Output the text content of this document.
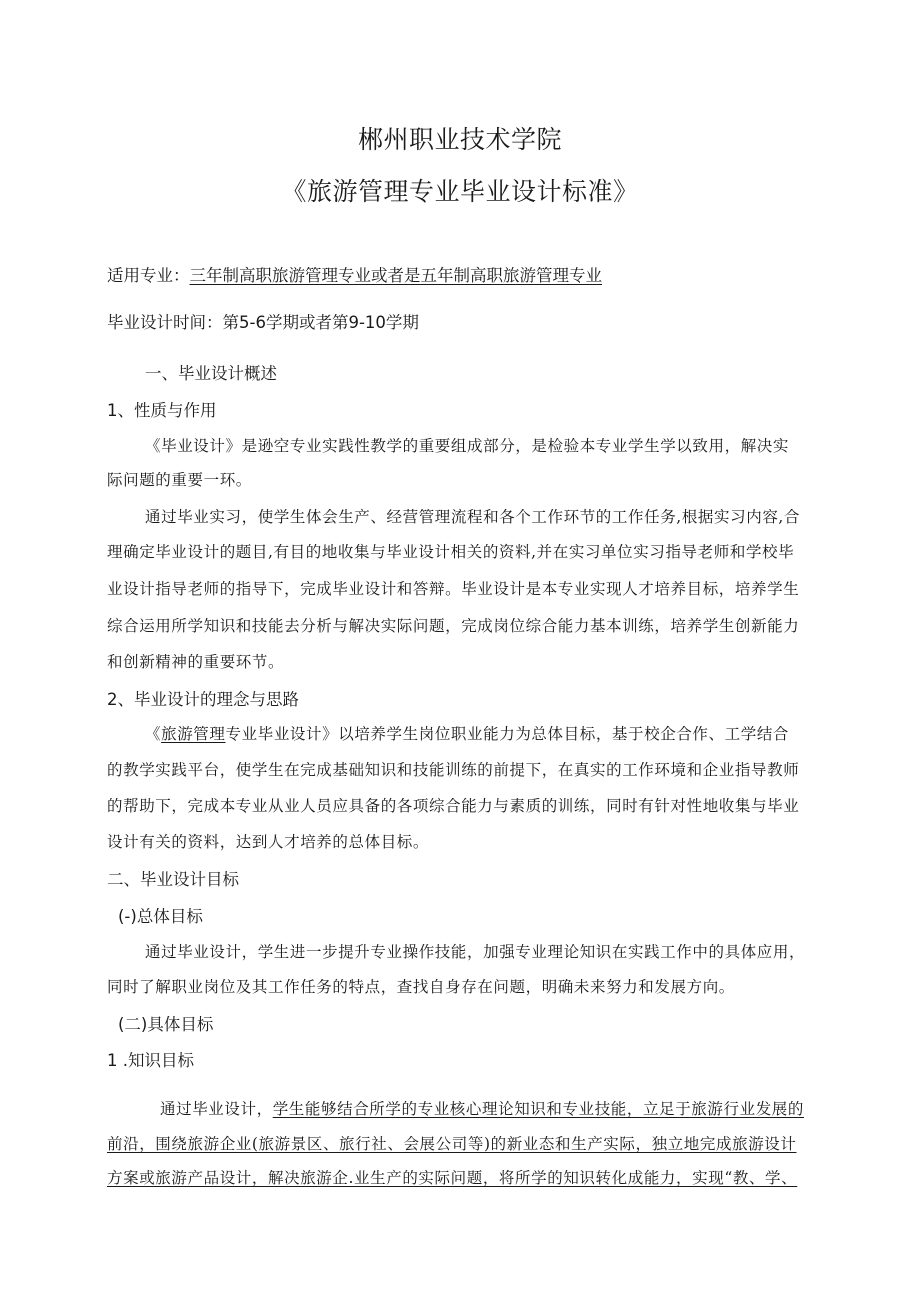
郴州职业技术学院
《旅游管理专业毕业设计标准》
适用专业：三年制高职旅游管理专业或者是五年制高职旅游管理专业
毕业设计时间：第5-6学期或者第9-10学期
一、毕业设计概述
1、性质与作用
《毕业设计》是逊空专业实践性教学的重要组成部分，是检验本专业学生学以致用，解决实
际问题的重要一环。
通过毕业实习，使学生体会生产、经营管理流程和各个工作环节的工作任务,根据实习内容,合
理确定毕业设计的题目,有目的地收集与毕业设计相关的资料,并在实习单位实习指导老师和学校毕
业设计指导老师的指导下，完成毕业设计和答辩。毕业设计是本专业实现人才培养目标，培养学生
综合运用所学知识和技能去分析与解决实际问题，完成岗位综合能力基本训练，培养学生创新能力
和创新精神的重要环节。
2、毕业设计的理念与思路
《旅游管理专业毕业设计》以培养学生岗位职业能力为总体目标，基于校企合作、工学结合
的教学实践平台，使学生在完成基础知识和技能训练的前提下，在真实的工作环境和企业指导教师
的帮助下，完成本专业从业人员应具备的各项综合能力与素质的训练，同时有针对性地收集与毕业
设计有关的资料，达到人才培养的总体目标。
二、毕业设计目标
(-)总体目标
通过毕业设计，学生进一步提升专业操作技能，加强专业理论知识在实践工作中的具体应用，
同时了解职业岗位及其工作任务的特点，查找自身存在问题，明确未来努力和发展方向。
(二)具体目标
1 .知识目标
通过毕业设计，学生能够结合所学的专业核心理论知识和专业技能，立足于旅游行业发展的
前沿，围绕旅游企业(旅游景区、旅行社、会展公司等)的新业态和生产实际，独立地完成旅游设计
方案或旅游产品设计，解决旅游企.业生产的实际问题，将所学的知识转化成能力，实现“教、学、
